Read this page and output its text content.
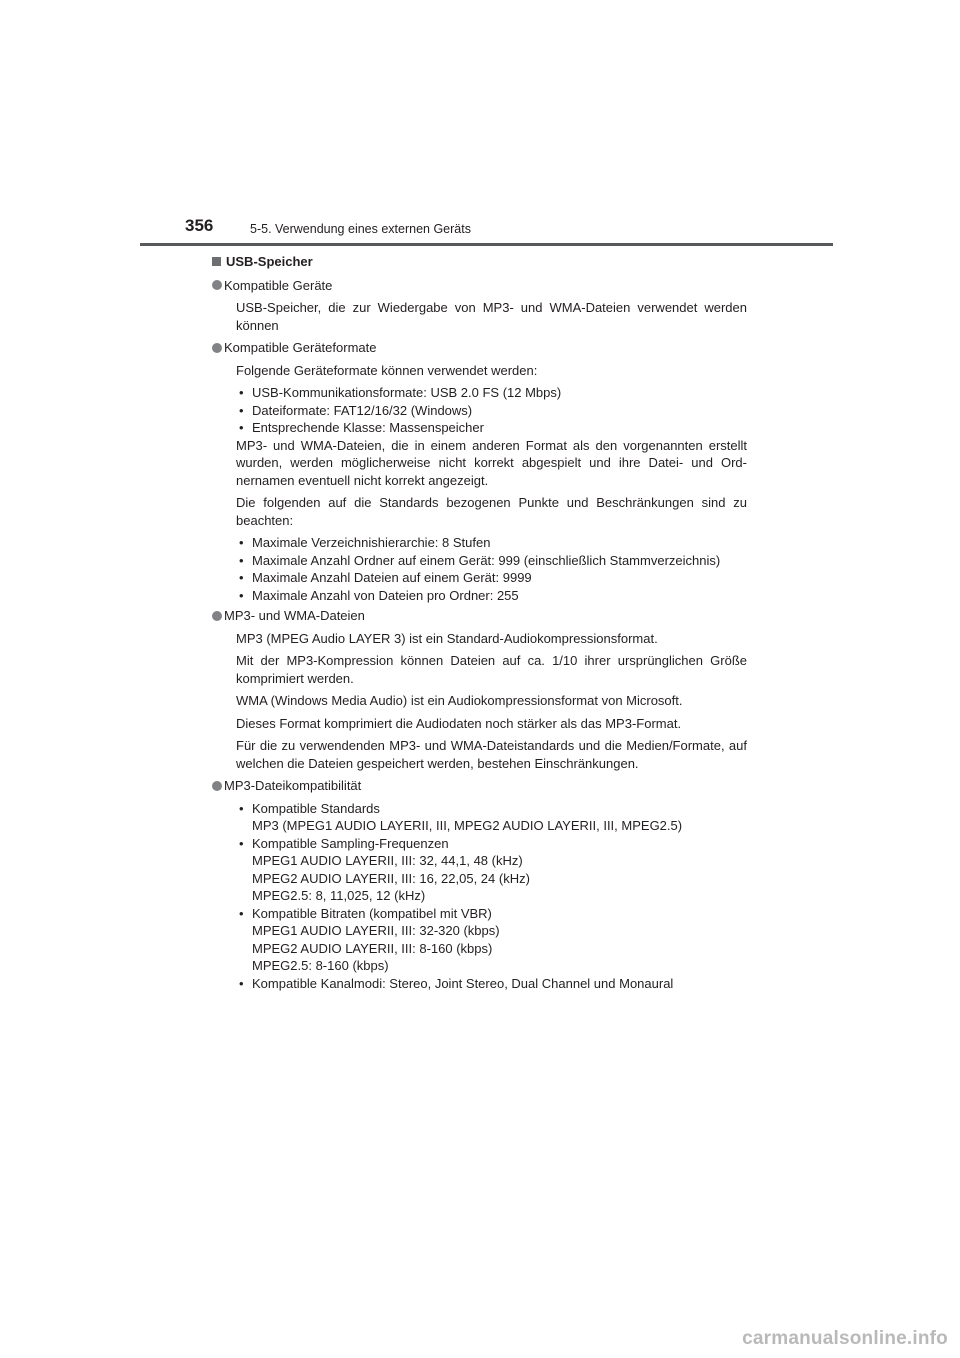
356	5-5. Verwendung eines externen Geräts
USB-Speicher
Kompatible Geräte

USB-Speicher, die zur Wiedergabe von MP3- und WMA-Dateien verwendet werden können

Kompatible Geräteformate

Folgende Geräteformate können verwendet werden:

• USB-Kommunikationsformate: USB 2.0 FS (12 Mbps)
• Dateiformate: FAT12/16/32 (Windows)
• Entsprechende Klasse: Massenspeicher

MP3- und WMA-Dateien, die in einem anderen Format als den vorgenannten erstellt wurden, werden möglicherweise nicht korrekt abgespielt und ihre Datei- und Ord-nernamen eventuell nicht korrekt angezeigt.

Die folgenden auf die Standards bezogenen Punkte und Beschränkungen sind zu beachten:

• Maximale Verzeichnishierarchie: 8 Stufen
• Maximale Anzahl Ordner auf einem Gerät: 999 (einschließlich Stammverzeichnis)
• Maximale Anzahl Dateien auf einem Gerät: 9999
• Maximale Anzahl von Dateien pro Ordner: 255
MP3- und WMA-Dateien

MP3 (MPEG Audio LAYER 3) ist ein Standard-Audiokompressionsformat.

Mit der MP3-Kompression können Dateien auf ca. 1/10 ihrer ursprünglichen Größe komprimiert werden.

WMA (Windows Media Audio) ist ein Audiokompressionsformat von Microsoft.

Dieses Format komprimiert die Audiodaten noch stärker als das MP3-Format.

Für die zu verwendenden MP3- und WMA-Dateistandards und die Medien/Formate, auf welchen die Dateien gespeichert werden, bestehen Einschränkungen.

MP3-Dateikompatibilität
• Kompatible Standards
MP3 (MPEG1 AUDIO LAYERII, III, MPEG2 AUDIO LAYERII, III, MPEG2.5)
• Kompatible Sampling-Frequenzen
MPEG1 AUDIO LAYERII, III: 32, 44,1, 48 (kHz)
MPEG2 AUDIO LAYERII, III: 16, 22,05, 24 (kHz)
MPEG2.5: 8, 11,025, 12 (kHz)
• Kompatible Bitraten (kompatibel mit VBR)
MPEG1 AUDIO LAYERII, III: 32-320 (kbps)
MPEG2 AUDIO LAYERII, III: 8-160 (kbps)
MPEG2.5: 8-160 (kbps)
• Kompatible Kanalmodi: Stereo, Joint Stereo, Dual Channel und Monaural
carmanualsonline.info
